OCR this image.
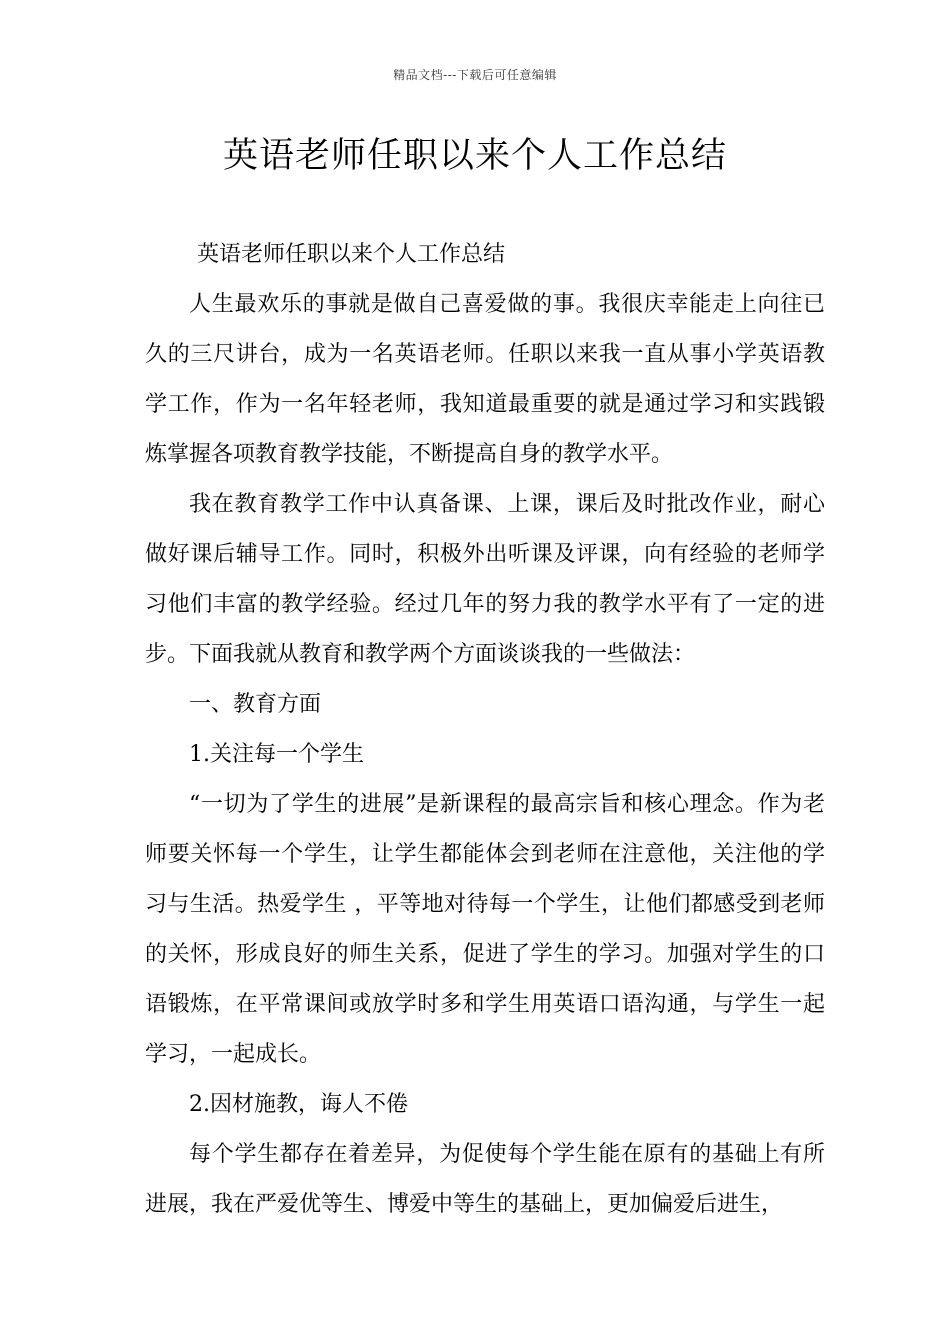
精品文档---下载后可任意编辑
英语老师任职以来个人工作总结

英语老师任职以来个人工作总结

人生最欢乐的事就是做自己喜爱做的事。我很庆幸能走上向往已久的三尺讲台，成为一名英语老师。任职以来我一直从事小学英语教学工作，作为一名年轻老师，我知道最重要的就是通过学习和实践锻炼掌握各项教育教学技能，不断提高自身的教学水平。

我在教育教学工作中认真备课、上课，课后及时批改作业，耐心做好课后辅导工作。同时，积极外出听课及评课，向有经验的老师学习他们丰富的教学经验。经过几年的努力我的教学水平有了一定的进步。下面我就从教育和教学两个方面谈谈我的一些做法：

一、教育方面

1.关注每一个学生

“一切为了学生的进展”是新课程的最高宗旨和核心理念。作为老师要关怀每一个学生，让学生都能体会到老师在注意他，关注他的学习与生活。热爱学生 ，平等地对待每一个学生，让他们都感受到老师的关怀，形成良好的师生关系，促进了学生的学习。加强对学生的口语锻炼，在平常课间或放学时多和学生用英语口语沟通，与学生一起学习，一起成长。

2.因材施教，诲人不倦

每个学生都存在着差异，为促使每个学生能在原有的基础上有所进展，我在严爱优等生、博爱中等生的基础上，更加偏爱后进生，
